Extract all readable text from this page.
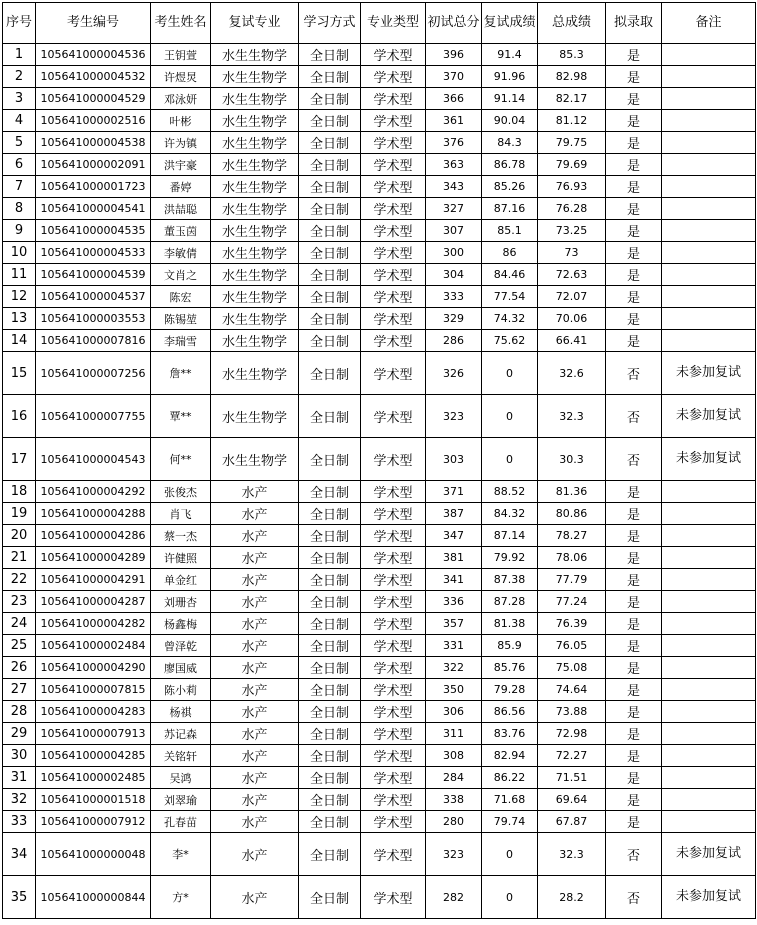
序号	考生编号	考生姓名	复试专业	学习方式	专业类型	初试总分	复试成绩	总成绩	拟录取	备注
1	105641000004536	王钥萱	水生生物学	全日制	学术型	396	91.4	85.3	是	
2	105641000004532	许煜炅	水生生物学	全日制	学术型	370	91.96	82.98	是	
3	105641000004529	邓泳妍	水生生物学	全日制	学术型	366	91.14	82.17	是	
4	105641000002516	叶彬	水生生物学	全日制	学术型	361	90.04	81.12	是	
5	105641000004538	许为镇	水生生物学	全日制	学术型	376	84.3	79.75	是	
6	105641000002091	洪宇豪	水生生物学	全日制	学术型	363	86.78	79.69	是	
7	105641000001723	番婷	水生生物学	全日制	学术型	343	85.26	76.93	是	
8	105641000004541	洪喆聪	水生生物学	全日制	学术型	327	87.16	76.28	是	
9	105641000004535	董玉茵	水生生物学	全日制	学术型	307	85.1	73.25	是	
10	105641000004533	李敏倩	水生生物学	全日制	学术型	300	86	73	是	
11	105641000004539	文肖之	水生生物学	全日制	学术型	304	84.46	72.63	是	
12	105641000004537	陈宏	水生生物学	全日制	学术型	333	77.54	72.07	是	
13	105641000003553	陈锡堃	水生生物学	全日制	学术型	329	74.32	70.06	是	
14	105641000007816	李瑞雪	水生生物学	全日制	学术型	286	75.62	66.41	是	
15	105641000007256	詹**	水生生物学	全日制	学术型	326	0	32.6	否	未参加复试
16	105641000007755	覃**	水生生物学	全日制	学术型	323	0	32.3	否	未参加复试
17	105641000004543	何**	水生生物学	全日制	学术型	303	0	30.3	否	未参加复试
18	105641000004292	张俊杰	水产	全日制	学术型	371	88.52	81.36	是	
19	105641000004288	肖飞	水产	全日制	学术型	387	84.32	80.86	是	
20	105641000004286	蔡一杰	水产	全日制	学术型	347	87.14	78.27	是	
21	105641000004289	许健照	水产	全日制	学术型	381	79.92	78.06	是	
22	105641000004291	单金红	水产	全日制	学术型	341	87.38	77.79	是	
23	105641000004287	刘珊杏	水产	全日制	学术型	336	87.28	77.24	是	
24	105641000004282	杨鑫梅	水产	全日制	学术型	357	81.38	76.39	是	
25	105641000002484	曾泽乾	水产	全日制	学术型	331	85.9	76.05	是	
26	105641000004290	廖国威	水产	全日制	学术型	322	85.76	75.08	是	
27	105641000007815	陈小莉	水产	全日制	学术型	350	79.28	74.64	是	
28	105641000004283	杨祺	水产	全日制	学术型	306	86.56	73.88	是	
29	105641000007913	苏记森	水产	全日制	学术型	311	83.76	72.98	是	
30	105641000004285	关铭轩	水产	全日制	学术型	308	82.94	72.27	是	
31	105641000002485	吴鸿	水产	全日制	学术型	284	86.22	71.51	是	
32	105641000001518	刘翠瑜	水产	全日制	学术型	338	71.68	69.64	是	
33	105641000007912	孔春苗	水产	全日制	学术型	280	79.74	67.87	是	
34	105641000000048	李*	水产	全日制	学术型	323	0	32.3	否	未参加复试
35	105641000000844	方*	水产	全日制	学术型	282	0	28.2	否	未参加复试
